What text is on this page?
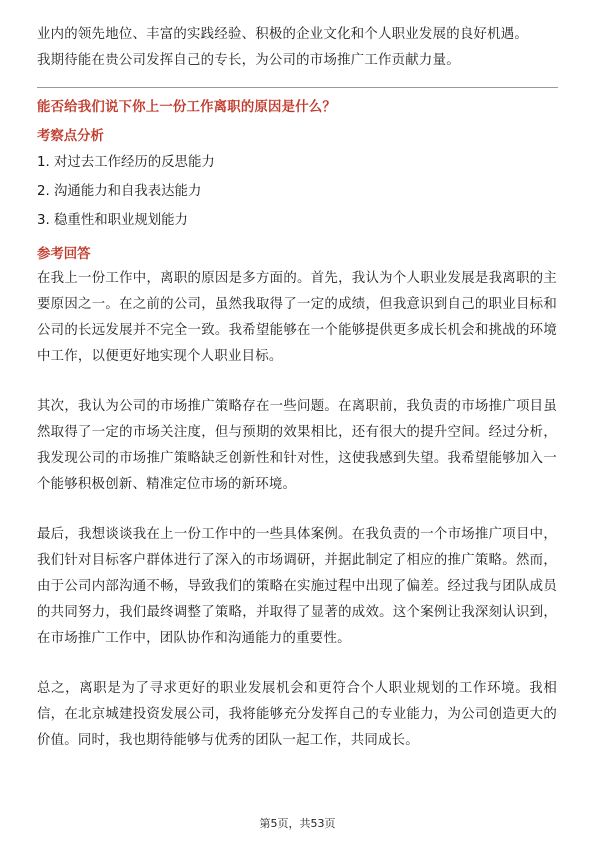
业内的领先地位、丰富的实践经验、积极的企业文化和个人职业发展的良好机遇。

我期待能在贵公司发挥自己的专长，为公司的市场推广工作贡献力量。

能否给我们说下你上一份工作离职的原因是什么？

考察点分析

1. 对过去工作经历的反思能力
2. 沟通能力和自我表达能力
3. 稳重性和职业规划能力

参考回答

在我上一份工作中，离职的原因是多方面的。首先，我认为个人职业发展是我离职的主要原因之一。在之前的公司，虽然我取得了一定的成绩，但我意识到自己的职业目标和公司的长远发展并不完全一致。我希望能够在一个能够提供更多成长机会和挑战的环境中工作，以便更好地实现个人职业目标。

其次，我认为公司的市场推广策略存在一些问题。在离职前，我负责的市场推广项目虽然取得了一定的市场关注度，但与预期的效果相比，还有很大的提升空间。经过分析，我发现公司的市场推广策略缺乏创新性和针对性，这使我感到失望。我希望能够加入一个能够积极创新、精准定位市场的新环境。

最后，我想谈谈我在上一份工作中的一些具体案例。在我负责的一个市场推广项目中，我们针对目标客户群体进行了深入的市场调研，并据此制定了相应的推广策略。然而，由于公司内部沟通不畅，导致我们的策略在实施过程中出现了偏差。经过我与团队成员的共同努力，我们最终调整了策略，并取得了显著的成效。这个案例让我深刻认识到，在市场推广工作中，团队协作和沟通能力的重要性。

总之，离职是为了寻求更好的职业发展机会和更符合个人职业规划的工作环境。我相信，在北京城建投资发展公司，我将能够充分发挥自己的专业能力，为公司创造更大的价值。同时，我也期待能够与优秀的团队一起工作，共同成长。

第5页，共53页
